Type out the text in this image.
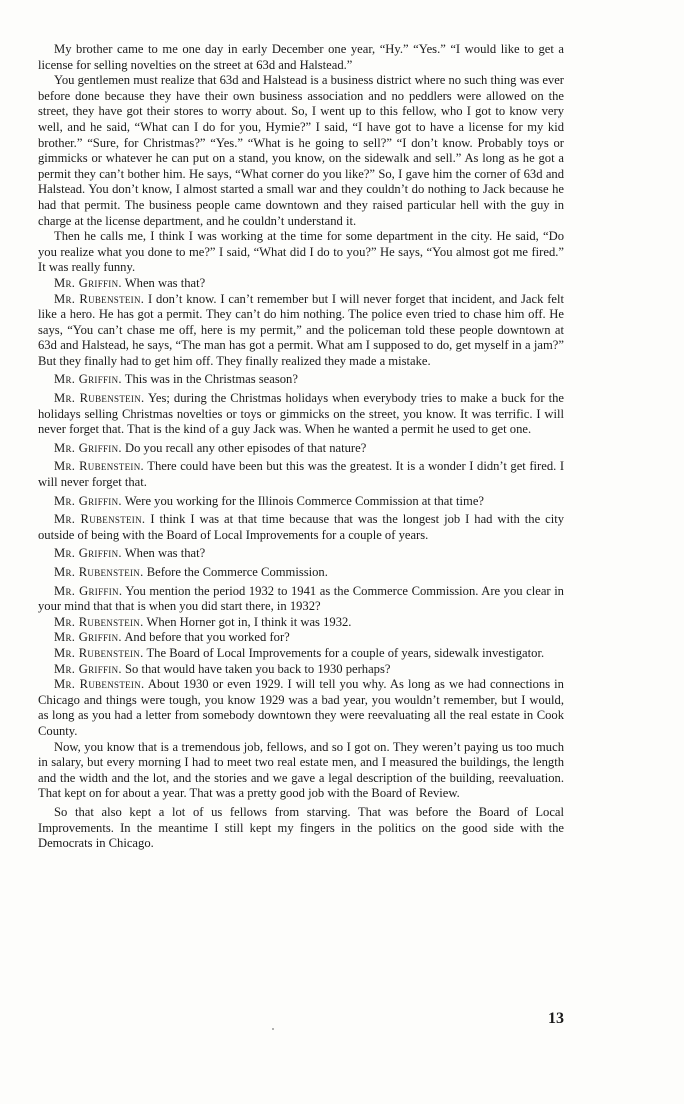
My brother came to me one day in early December one year, “Hy.” “Yes.” “I would like to get a license for selling novelties on the street at 63d and Halstead.”

You gentlemen must realize that 63d and Halstead is a business district where no such thing was ever before done because they have their own business association and no peddlers were allowed on the street, they have got their stores to worry about. So, I went up to this fellow, who I got to know very well, and he said, “What can I do for you, Hymie?” I said, “I have got to have a license for my kid brother.” “Sure, for Christmas?” “Yes.” “What is he going to sell?” “I don’t know. Probably toys or gimmicks or whatever he can put on a stand, you know, on the sidewalk and sell.” As long as he got a permit they can’t bother him. He says, “What corner do you like?” So, I gave him the corner of 63d and Halstead. You don’t know, I almost started a small war and they couldn’t do nothing to Jack because he had that permit. The business people came downtown and they raised particular hell with the guy in charge at the license department, and he couldn’t understand it.

Then he calls me, I think I was working at the time for some department in the city. He said, “Do you realize what you done to me?” I said, “What did I do to you?” He says, “You almost got me fired.” It was really funny.

Mr. Griffin. When was that?

Mr. Rubenstein. I don’t know. I can’t remember but I will never forget that incident, and Jack felt like a hero. He has got a permit. They can’t do him nothing. The police even tried to chase him off. He says, “You can’t chase me off, here is my permit,” and the policeman told these people downtown at 63d and Halstead, he says, “The man has got a permit. What am I supposed to do, get myself in a jam?” But they finally had to get him off. They finally realized they made a mistake.

Mr. Griffin. This was in the Christmas season?

Mr. Rubenstein. Yes; during the Christmas holidays when everybody tries to make a buck for the holidays selling Christmas novelties or toys or gimmicks on the street, you know. It was terrific. I will never forget that. That is the kind of a guy Jack was. When he wanted a permit he used to get one.

Mr. Griffin. Do you recall any other episodes of that nature?

Mr. Rubenstein. There could have been but this was the greatest. It is a wonder I didn’t get fired. I will never forget that.

Mr. Griffin. Were you working for the Illinois Commerce Commission at that time?

Mr. Rubenstein. I think I was at that time because that was the longest job I had with the city outside of being with the Board of Local Improvements for a couple of years.

Mr. Griffin. When was that?

Mr. Rubenstein. Before the Commerce Commission.

Mr. Griffin. You mention the period 1932 to 1941 as the Commerce Commission. Are you clear in your mind that that is when you did start there, in 1932?

Mr. Rubenstein. When Horner got in, I think it was 1932.

Mr. Griffin. And before that you worked for?

Mr. Rubenstein. The Board of Local Improvements for a couple of years, sidewalk investigator.

Mr. Griffin. So that would have taken you back to 1930 perhaps?

Mr. Rubenstein. About 1930 or even 1929. I will tell you why. As long as we had connections in Chicago and things were tough, you know 1929 was a bad year, you wouldn’t remember, but I would, as long as you had a letter from somebody downtown they were reevaluating all the real estate in Cook County.

Now, you know that is a tremendous job, fellows, and so I got on. They weren’t paying us too much in salary, but every morning I had to meet two real estate men, and I measured the buildings, the length and the width and the lot, and the stories and we gave a legal description of the building, reevaluation. That kept on for about a year. That was a pretty good job with the Board of Review.

So that also kept a lot of us fellows from starving. That was before the Board of Local Improvements. In the meantime I still kept my fingers in the politics on the good side with the Democrats in Chicago.

13
